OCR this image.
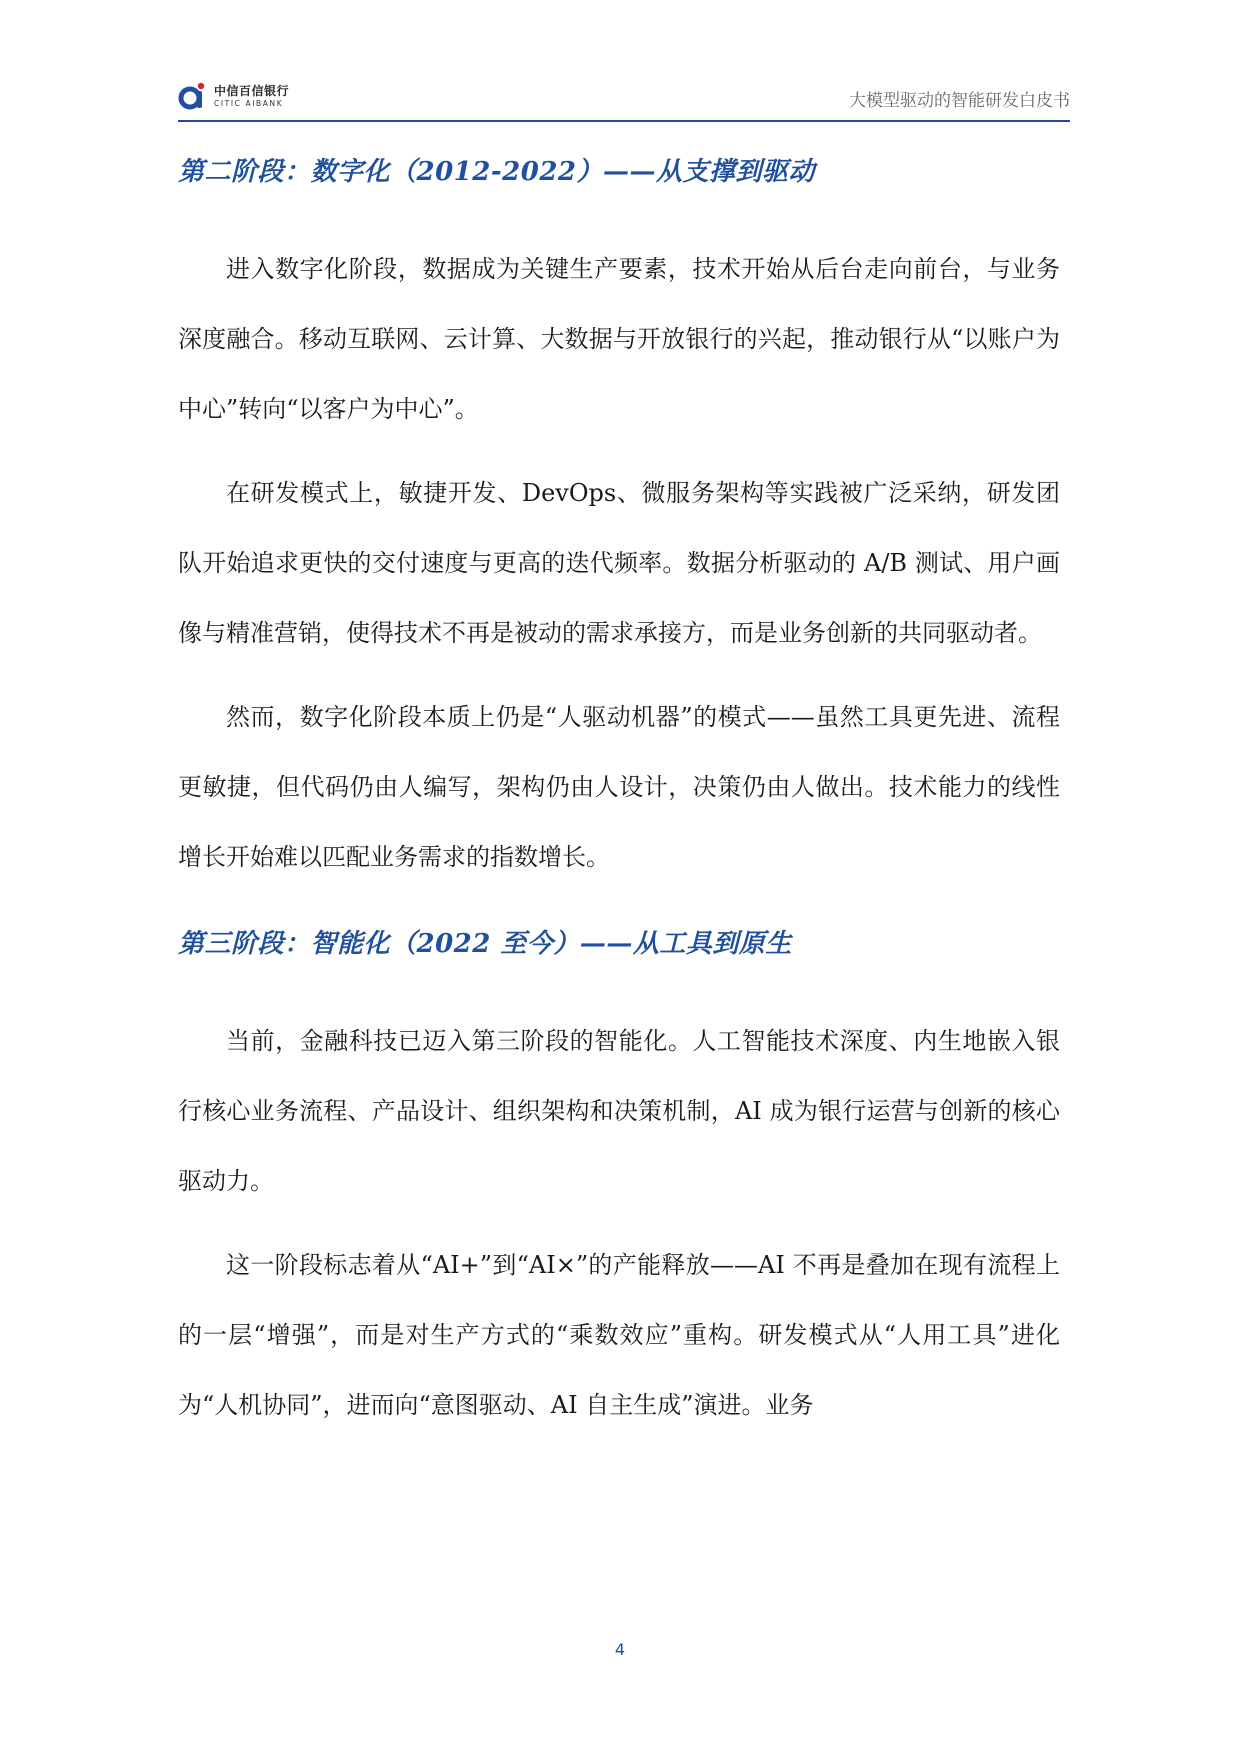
中信百信银行
CITIC AIBANK	大模型驱动的智能研发白皮书
第二阶段：数字化（2012-2022）——从支撑到驱动

进入数字化阶段，数据成为关键生产要素，技术开始从后台走向前台，与业务深度融合。移动互联网、云计算、大数据与开放银行的兴起，推动银行从“以账户为中心”转向“以客户为中心”。

在研发模式上，敏捷开发、DevOps、微服务架构等实践被广泛采纳，研发团队开始追求更快的交付速度与更高的迭代频率。数据分析驱动的 A/B 测试、用户画像与精准营销，使得技术不再是被动的需求承接方，而是业务创新的共同驱动者。

然而，数字化阶段本质上仍是“人驱动机器”的模式——虽然工具更先进、流程更敏捷，但代码仍由人编写，架构仍由人设计，决策仍由人做出。技术能力的线性增长开始难以匹配业务需求的指数增长。

第三阶段：智能化（2022 至今）——从工具到原生

当前，金融科技已迈入第三阶段的智能化。人工智能技术深度、内生地嵌入银行核心业务流程、产品设计、组织架构和决策机制，AI 成为银行运营与创新的核心驱动力。

这一阶段标志着从“AI+”到“AI×”的产能释放——AI 不再是叠加在现有流程上的一层“增强”，而是对生产方式的“乘数效应”重构。研发模式从“人用工具”进化为“人机协同”，进而向“意图驱动、AI 自主生成”演进。业务

4
